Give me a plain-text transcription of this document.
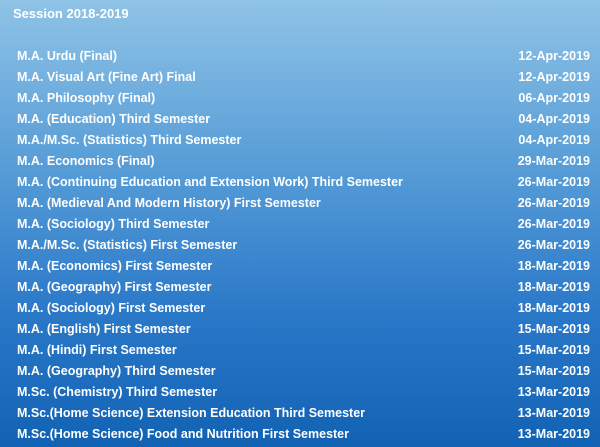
Session 2018-2019
M.A. Urdu (Final)	12-Apr-2019
M.A. Visual Art (Fine Art) Final	12-Apr-2019
M.A. Philosophy (Final)	06-Apr-2019
M.A. (Education) Third Semester	04-Apr-2019
M.A./M.Sc. (Statistics) Third Semester	04-Apr-2019
M.A. Economics (Final)	29-Mar-2019
M.A. (Continuing Education and Extension Work) Third Semester	26-Mar-2019
M.A. (Medieval And Modern History) First Semester	26-Mar-2019
M.A. (Sociology) Third Semester	26-Mar-2019
M.A./M.Sc. (Statistics) First Semester	26-Mar-2019
M.A. (Economics) First Semester	18-Mar-2019
M.A. (Geography) First Semester	18-Mar-2019
M.A. (Sociology) First Semester	18-Mar-2019
M.A. (English) First Semester	15-Mar-2019
M.A. (Hindi) First Semester	15-Mar-2019
M.A. (Geography) Third Semester	15-Mar-2019
M.Sc. (Chemistry) Third Semester	13-Mar-2019
M.Sc.(Home Science) Extension Education Third Semester	13-Mar-2019
M.Sc.(Home Science) Food and Nutrition First Semester	13-Mar-2019
